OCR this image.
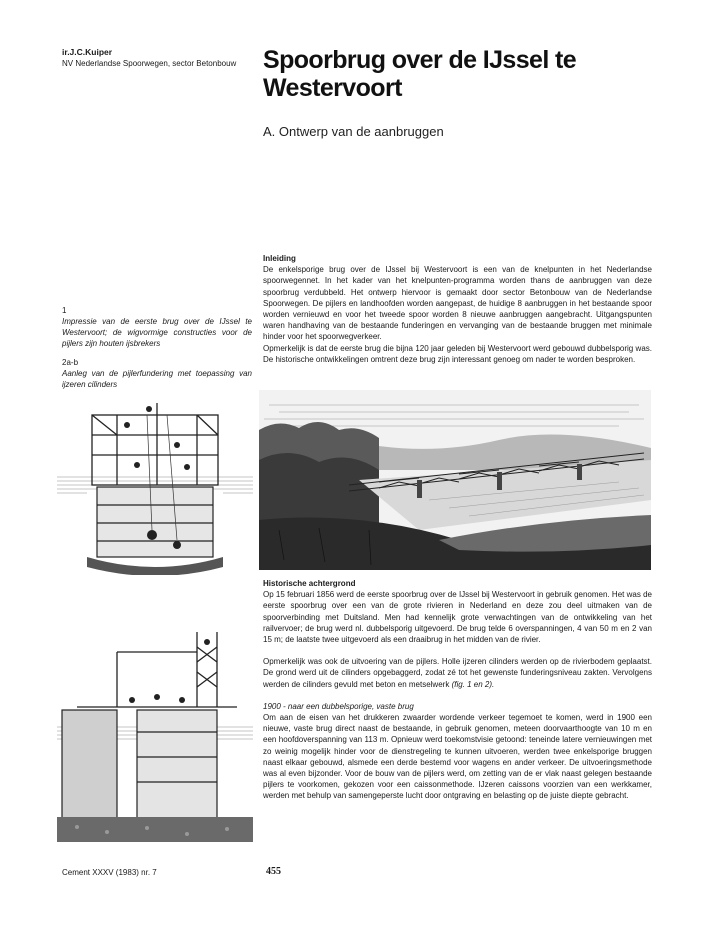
ir.J.C.Kuiper
NV Nederlandse Spoorwegen, sector Betonbouw	Spoorbrug over de IJssel te Westervoort
A. Ontwerp van de aanbruggen
1
Impressie van de eerste brug over de IJssel te Westervoort; de wigvormige constructies voor de pijlers zijn houten ijsbrekers
2a-b
Aanleg van de pijlerfundering met toepassing van ijzeren cilinders

Inleiding

De enkelsporige brug over de IJssel bij Westervoort is een van de knelpunten in het Nederlandse spoorwegennet. In het kader van het knelpunten-programma worden thans de aanbruggen van deze spoorbrug verdubbeld. Het ontwerp hiervoor is gemaakt door sector Betonbouw van de Nederlandse Spoorwegen. De pijlers en landhoofden worden aangepast, de huidige 8 aanbruggen in het bestaande spoor worden vernieuwd en voor het tweede spoor worden 8 nieuwe aanbruggen aangebracht. Uitgangspunten waren handhaving van de bestaande funderingen en vervanging van de bestaande bruggen met minimale hinder voor het spoorwegverkeer.

Opmerkelijk is dat de eerste brug die bijna 120 jaar geleden bij Westervoort werd gebouwd dubbelsporig was. De historische ontwikkelingen omtrent deze brug zijn interessant genoeg om nader te worden besproken.

Historische achtergrond

Op 15 februari 1856 werd de eerste spoorbrug over de IJssel bij Westervoort in gebruik genomen. Het was de eerste spoorbrug over een van de grote rivieren in Nederland en deze zou deel uitmaken van de spoorverbinding met Duitsland. Men had kennelijk grote verwachtingen van de ontwikkeling van het railvervoer; de brug werd nl. dubbelsporig uitgevoerd. De brug telde 6 overspanningen, 4 van 50 m en 2 van 15 m; de laatste twee uitgevoerd als een draaibrug in het midden van de rivier.

Opmerkelijk was ook de uitvoering van de pijlers. Holle ijzeren cilinders werden op de rivierbodem geplaatst. De grond werd uit de cilinders opgebaggerd, zodat zé tot het gewenste funderingsniveau zakten. Vervolgens werden de cilinders gevuld met beton en metselwerk (fig. 1 en 2).

1900 - naar een dubbelsporige, vaste brug

Om aan de eisen van het drukkeren zwaarder wordende verkeer tegemoet te komen, werd in 1900 een nieuwe, vaste brug direct naast de bestaande, in gebruik genomen, meteen doorvaarthoogte van 10 m en een hoofdoverspanning van 113 m. Opnieuw werd toekomstvisie getoond: teneinde latere vernieuwingen met zo weinig mogelijk hinder voor de dienstregeling te kunnen uitvoeren, werden twee enkelsporige bruggen naast elkaar gebouwd, alsmede een derde bestemd voor wagens en ander verkeer. De uitvoeringsmethode was al even bijzonder. Voor de bouw van de pijlers werd, om zetting van de er vlak naast gelegen bestaande pijlers te voorkomen, gekozen voor een caissonmethode. IJzeren caissons voorzien van een werkkamer, werden met behulp van samengeperste lucht door ontgraving en belasting op de juiste diepte gebracht.

Cement XXXV (1983) nr. 7	455
